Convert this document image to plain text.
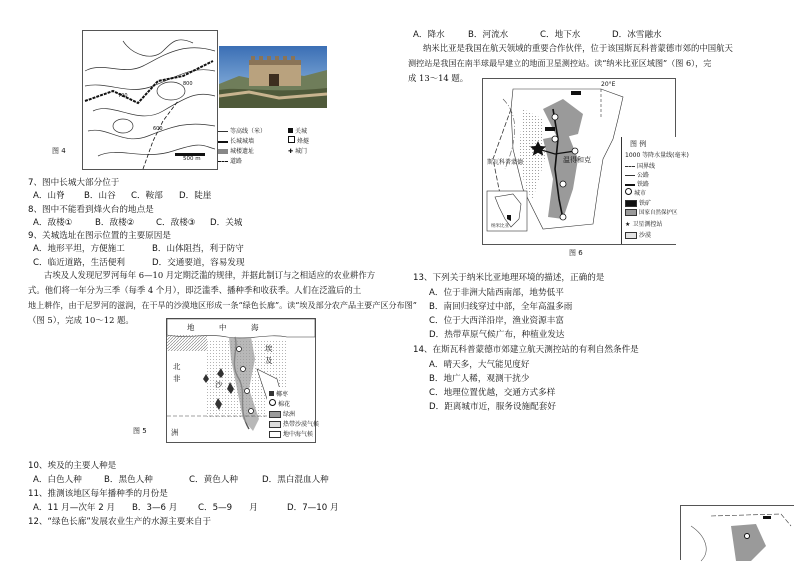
500 m
600
800
700
图 4
等高线（米）
长城城墙
城楼遗址
道路
关城
烽燧
✚ 城门
7、图中长城大部分位于
A．山脊 B．山谷 C．鞍部 D．陡崖
8、图中不能看到烽火台的地点是
A．敌楼①	B．敌楼②	C．敌楼③ D．关城
9、关城选址在图示位置的主要原因是
A．地形平坦，方便施工	B．山体阻挡，利于防守
C．临近道路，生活便利	D．交通要道，容易发现
古埃及人发现尼罗河每年 6—10 月定期泛滥的规律，并据此制订与之相适应的农业耕作方
式。他们将一年分为三季（每季 4 个月），即泛滥季、播种季和收获季。人们在泛滥后的土
地上耕作，由于尼罗河的滋润，在干旱的沙漠地区形成一条“绿色长廊”。读“埃及部分农产品主要产区分布图”
（图 5），完成 10～12 题。
地	中	海
埃
及
北
非
沙
洲
椰枣
棉花
绿洲
热带沙漠气候
地中海气候
图 5
10、埃及的主要人种是
A．白色人种	B．黑色人种	C．黄色人种	D．黑白混血人种
11、推测该地区每年播种季的月份是
A．11 月—次年 2 月 B．3—6 月 C．5—9　　月	D．7—10 月
12、“绿色长廊”发展农业生产的水源主要来自于
A．降水	B．河流水	C．地下水	D．冰雪融水
纳米比亚是我国在航天领域的重要合作伙伴，位于该国斯瓦科普蒙德市郊的中国航天
测控站是我国在南半球最早建立的地面卫星测控站。读“纳米比亚区域图”（图 6），完
成 13～14 题。
20°E
斯瓦科普蒙德	温得和克
纳米比亚
图 例
1000 等降水量线(毫米)
国界线
公路
铁路
城市
铁矿
国家自然保护区
★ 卫星测控站
沙漠
图 6
13、下列关于纳米比亚地理环境的描述，正确的是
A．位于非洲大陆西南部，地势低平
B．南回归线穿过中部，全年高温多雨
C．位于大西洋沿岸，渔业资源丰富
D．热带草原气候广布，种植业发达
14、在斯瓦科普蒙德市郊建立航天测控站的有利自然条件是
A．晴天多，大气能见度好
B．地广人稀，观测干扰少
C．地理位置优越，交通方式多样
D．距离城市近，服务设施配套好
